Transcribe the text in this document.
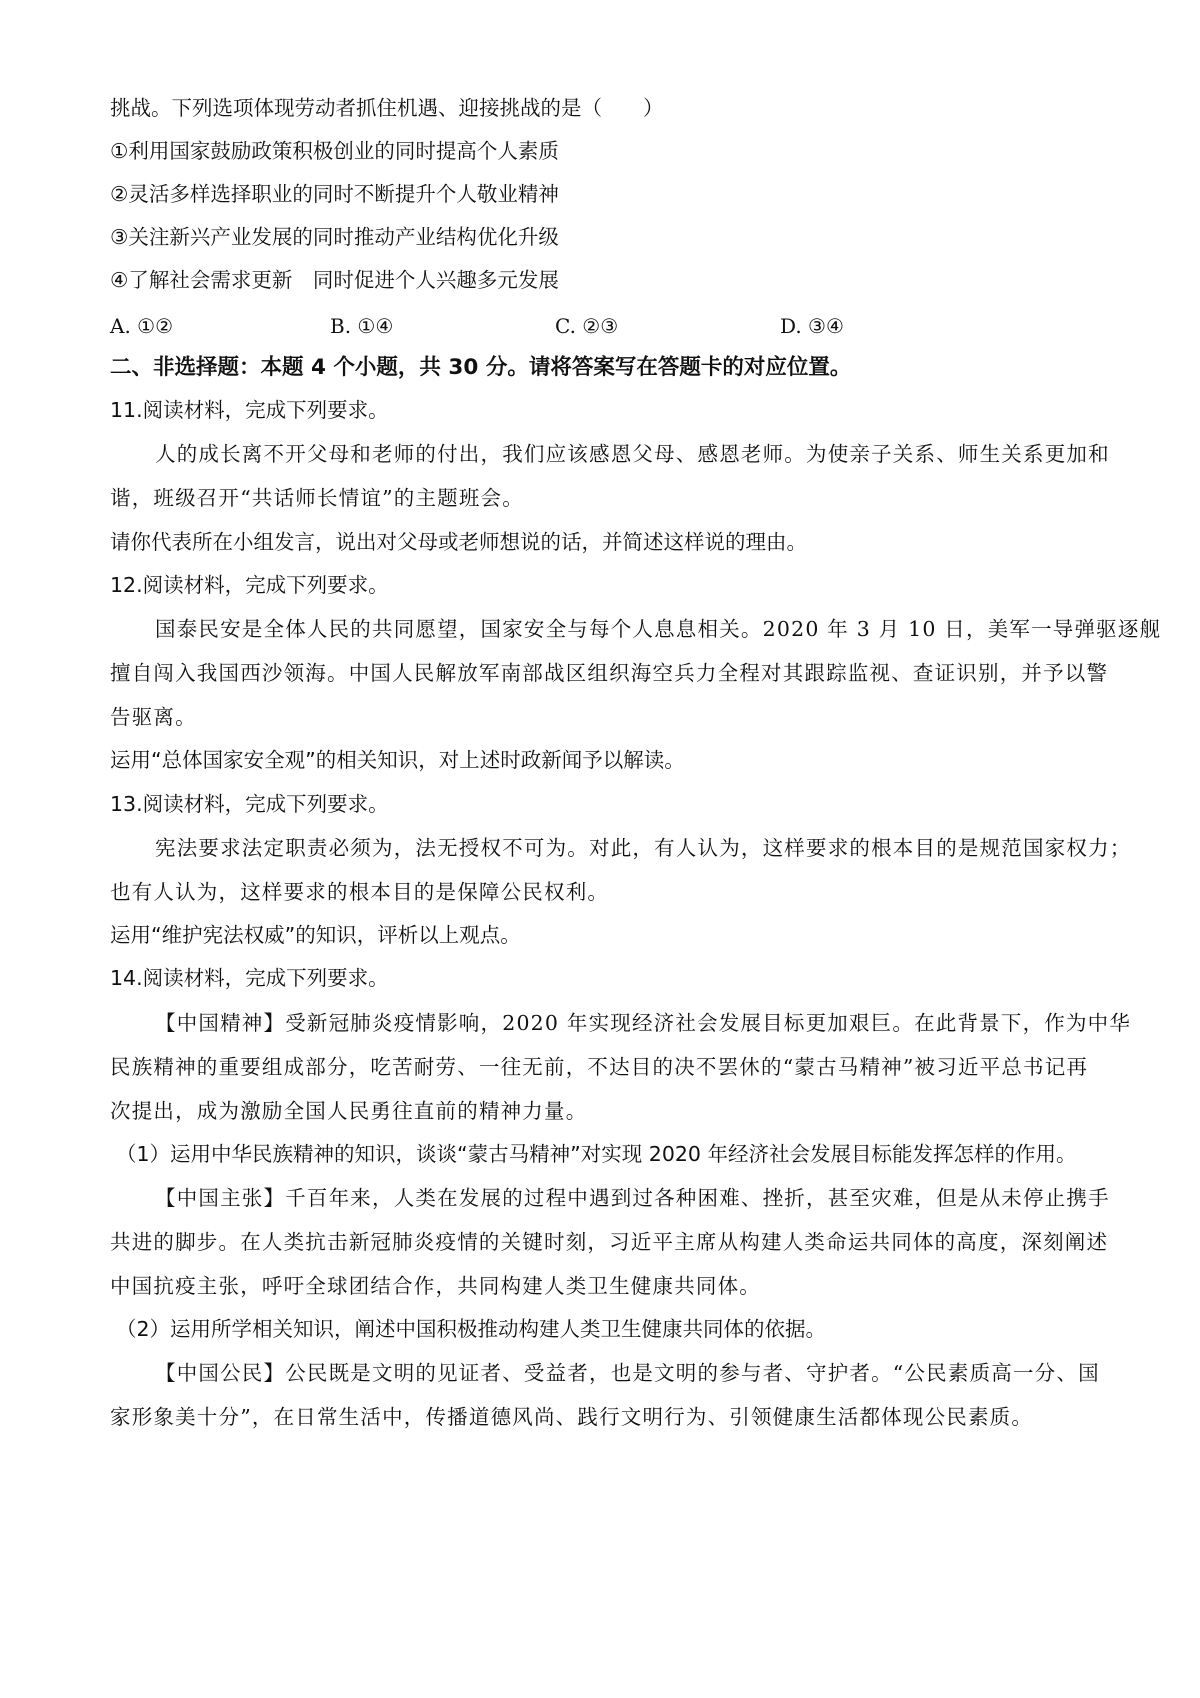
挑战。下列选项体现劳动者抓住机遇、迎接挑战的是（　　）
①利用国家鼓励政策积极创业的同时提高个人素质
②灵活多样选择职业的同时不断提升个人敬业精神
③关注新兴产业发展的同时推动产业结构优化升级
④了解社会需求更新　同时促进个人兴趣多元发展
A. ①②	B. ①④	C. ②③	D. ③④
二、非选择题：本题 4 个小题，共 30 分。请将答案写在答题卡的对应位置。
11.阅读材料，完成下列要求。
人的成长离不开父母和老师的付出，我们应该感恩父母、感恩老师。为使亲子关系、师生关系更加和
谐，班级召开“共话师长情谊”的主题班会。
请你代表所在小组发言，说出对父母或老师想说的话，并简述这样说的理由。
12.阅读材料，完成下列要求。
国泰民安是全体人民的共同愿望，国家安全与每个人息息相关。2020 年 3 月 10 日，美军一导弹驱逐舰
擅自闯入我国西沙领海。中国人民解放军南部战区组织海空兵力全程对其跟踪监视、查证识别，并予以警
告驱离。
运用“总体国家安全观”的相关知识，对上述时政新闻予以解读。
13.阅读材料，完成下列要求。
宪法要求法定职责必须为，法无授权不可为。对此，有人认为，这样要求的根本目的是规范国家权力；
也有人认为，这样要求的根本目的是保障公民权利。
运用“维护宪法权威”的知识，评析以上观点。
14.阅读材料，完成下列要求。
【中国精神】受新冠肺炎疫情影响，2020 年实现经济社会发展目标更加艰巨。在此背景下，作为中华
民族精神的重要组成部分，吃苦耐劳、一往无前，不达目的决不罢休的“蒙古马精神”被习近平总书记再
次提出，成为激励全国人民勇往直前的精神力量。
（1）运用中华民族精神的知识，谈谈“蒙古马精神”对实现 2020 年经济社会发展目标能发挥怎样的作用。
【中国主张】千百年来，人类在发展的过程中遇到过各种困难、挫折，甚至灾难，但是从未停止携手
共进的脚步。在人类抗击新冠肺炎疫情的关键时刻，习近平主席从构建人类命运共同体的高度，深刻阐述
中国抗疫主张，呼吁全球团结合作，共同构建人类卫生健康共同体。
（2）运用所学相关知识，阐述中国积极推动构建人类卫生健康共同体的依据。
【中国公民】公民既是文明的见证者、受益者，也是文明的参与者、守护者。“公民素质高一分、国
家形象美十分”，在日常生活中，传播道德风尚、践行文明行为、引领健康生活都体现公民素质。
